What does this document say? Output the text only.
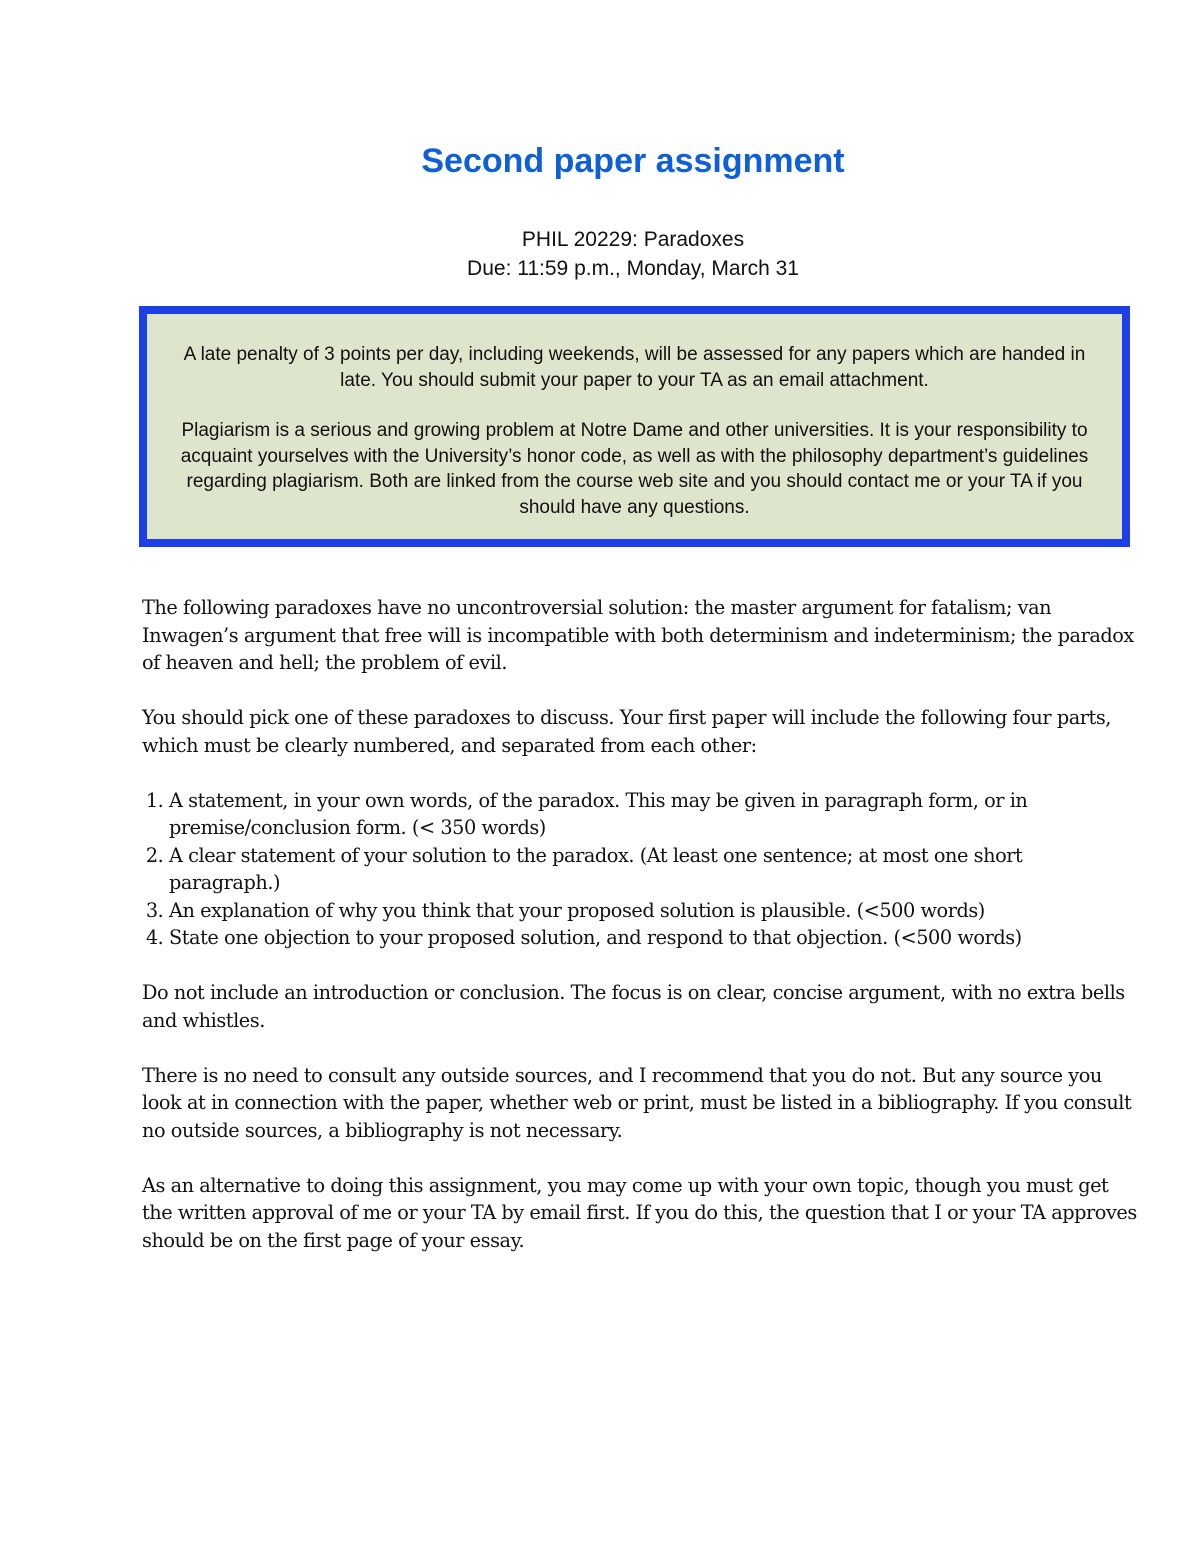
Second paper assignment
PHIL 20229: Paradoxes
Due: 11:59 p.m., Monday, March 31

A late penalty of 3 points per day, including weekends, will be assessed for any papers which are handed in late. You should submit your paper to your TA as an email attachment.

Plagiarism is a serious and growing problem at Notre Dame and other universities. It is your responsibility to acquaint yourselves with the University’s honor code, as well as with the philosophy department’s guidelines regarding plagiarism. Both are linked from the course web site and you should contact me or your TA if you should have any questions.

The following paradoxes have no uncontroversial solution: the master argument for fatalism; van Inwagen’s argument that free will is incompatible with both determinism and indeterminism; the paradox of heaven and hell; the problem of evil.

You should pick one of these paradoxes to discuss. Your first paper will include the following four parts, which must be clearly numbered, and separated from each other:

1. A statement, in your own words, of the paradox. This may be given in paragraph form, or in premise/conclusion form. (< 350 words)
2. A clear statement of your solution to the paradox. (At least one sentence; at most one short paragraph.)
3. An explanation of why you think that your proposed solution is plausible. (<500 words)
4. State one objection to your proposed solution, and respond to that objection. (<500 words)

Do not include an introduction or conclusion. The focus is on clear, concise argument, with no extra bells and whistles.

There is no need to consult any outside sources, and I recommend that you do not. But any source you look at in connection with the paper, whether web or print, must be listed in a bibliography. If you consult no outside sources, a bibliography is not necessary.

As an alternative to doing this assignment, you may come up with your own topic, though you must get the written approval of me or your TA by email first. If you do this, the question that I or your TA approves should be on the first page of your essay.
